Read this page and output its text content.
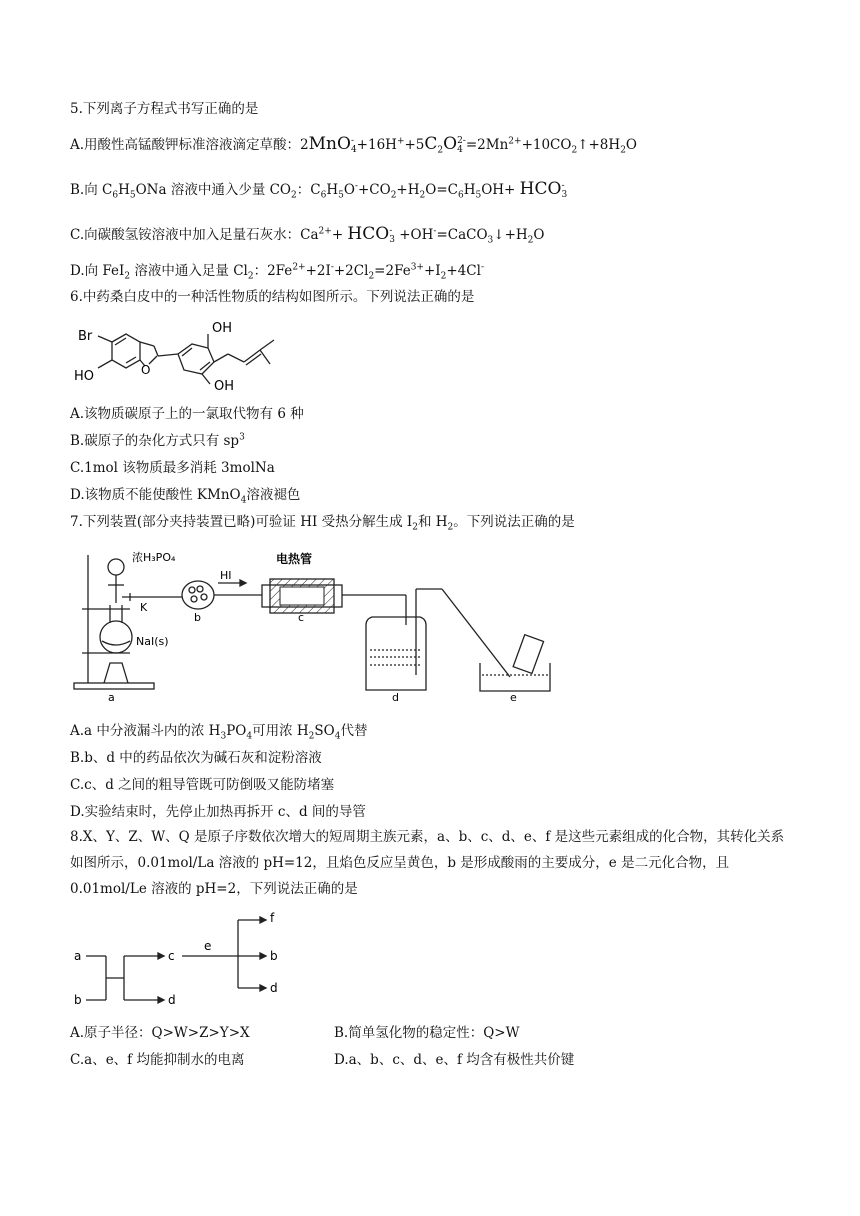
5.下列离子方程式书写正确的是
A.用酸性高锰酸钾标准溶液滴定草酸：2MnO -
$4 +16H^++5C_2O$ 2-
$4 =2Mn^{2+}+10CO_2↑+8H_2O$
B.向 $C_6H_5ONa$ 溶液中通入少量 $CO_2$：$C_6H_5O^-+CO_2+H_2O=C_6H_5OH+$ HCO -
3
C.向碳酸氢铵溶液中加入足量石灰水：$Ca^{2+}+$ HCO -
$3 +OH^-=CaCO_3↓+H_2O$
D.向 FeI$_2$ 溶液中通入足量 $Cl_2$：$2Fe^{2+}+2I^-+2Cl_2=2Fe^{3+}+I_2+4Cl^-$
6.中药桑白皮中的一种活性物质的结构如图所示。下列说法正确的是
Br
HO	O
OH
OH
A.该物质碳原子上的一氯取代物有 6 种
B.碳原子的杂化方式只有 $sp^3$
C.1mol 该物质最多消耗 3molNa
D.该物质不能使酸性 KMnO$_4$溶液褪色
7.下列装置(部分夹持装置已略)可验证 HI 受热分解生成 $I_2$和 $H_2$。下列说法正确的是
浓H₃PO₄
K
NaI(s)
HI
电热管
a
b	c
d	e
A.a 中分液漏斗内的浓 $H_3PO_4$可用浓 $H_2SO_4$代替
B.b、d 中的药品依次为碱石灰和淀粉溶液
C.c、d 之间的粗导管既可防倒吸又能防堵塞
D.实验结束时，先停止加热再拆开 c、d 间的导管
8.X、Y、Z、W、Q 是原子序数依次增大的短周期主族元素，a、b、c、d、e、f 是这些元素组成的化合物，其转化关系如图所示，0.01mol/La 溶液的 pH=12，且焰色反应呈黄色，b 是形成酸雨的主要成分，e 是二元化合物，且 0.01mol/Le 溶液的 pH=2，下列说法正确的是
a
b
c
d
e
f
b
d
A.原子半径：Q>W>Z>Y>X	B.简单氢化物的稳定性：Q>W
C.a、e、f 均能抑制水的电离	D.a、b、c、d、e、f 均含有极性共价键
